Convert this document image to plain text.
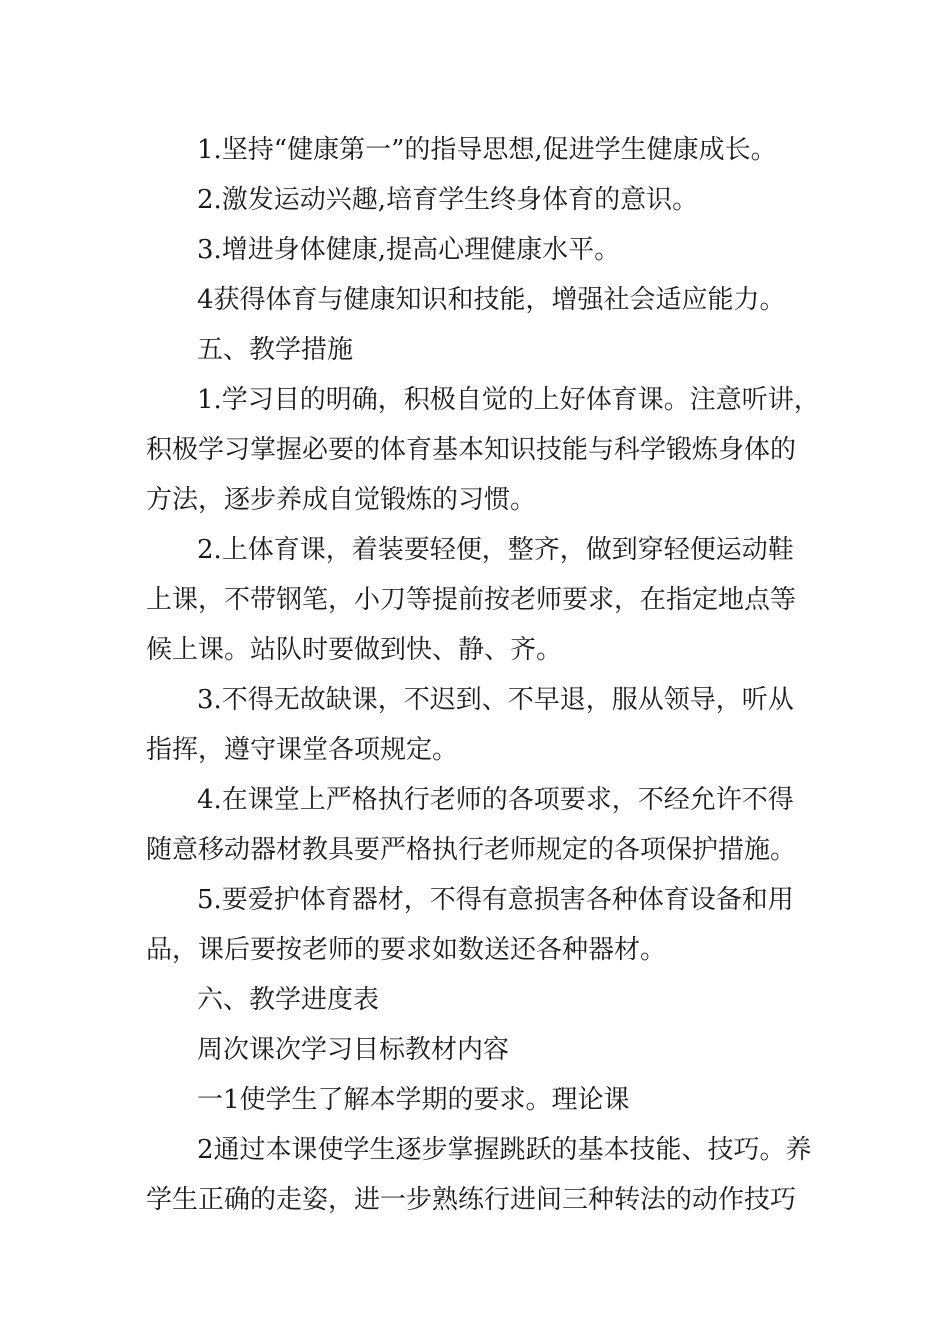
1.坚持“健康第一”的指导思想,促进学生健康成长。
2.激发运动兴趣,培育学生终身体育的意识。
3.增进身体健康,提高心理健康水平。
4获得体育与健康知识和技能，增强社会适应能力。
五、教学措施
1.学习目的明确，积极自觉的上好体育课。注意听讲，
积极学习掌握必要的体育基本知识技能与科学锻炼身体的
方法，逐步养成自觉锻炼的习惯。
2.上体育课，着装要轻便，整齐，做到穿轻便运动鞋
上课，不带钢笔，小刀等提前按老师要求，在指定地点等
候上课。站队时要做到快、静、齐。
3.不得无故缺课，不迟到、不早退，服从领导，听从
指挥，遵守课堂各项规定。
4.在课堂上严格执行老师的各项要求，不经允许不得
随意移动器材教具要严格执行老师规定的各项保护措施。
5.要爱护体育器材，不得有意损害各种体育设备和用
品，课后要按老师的要求如数送还各种器材。
六、教学进度表
周次课次学习目标教材内容
一1使学生了解本学期的要求。理论课
2通过本课使学生逐步掌握跳跃的基本技能、技巧。养
学生正确的走姿，进一步熟练行进间三种转法的动作技巧
